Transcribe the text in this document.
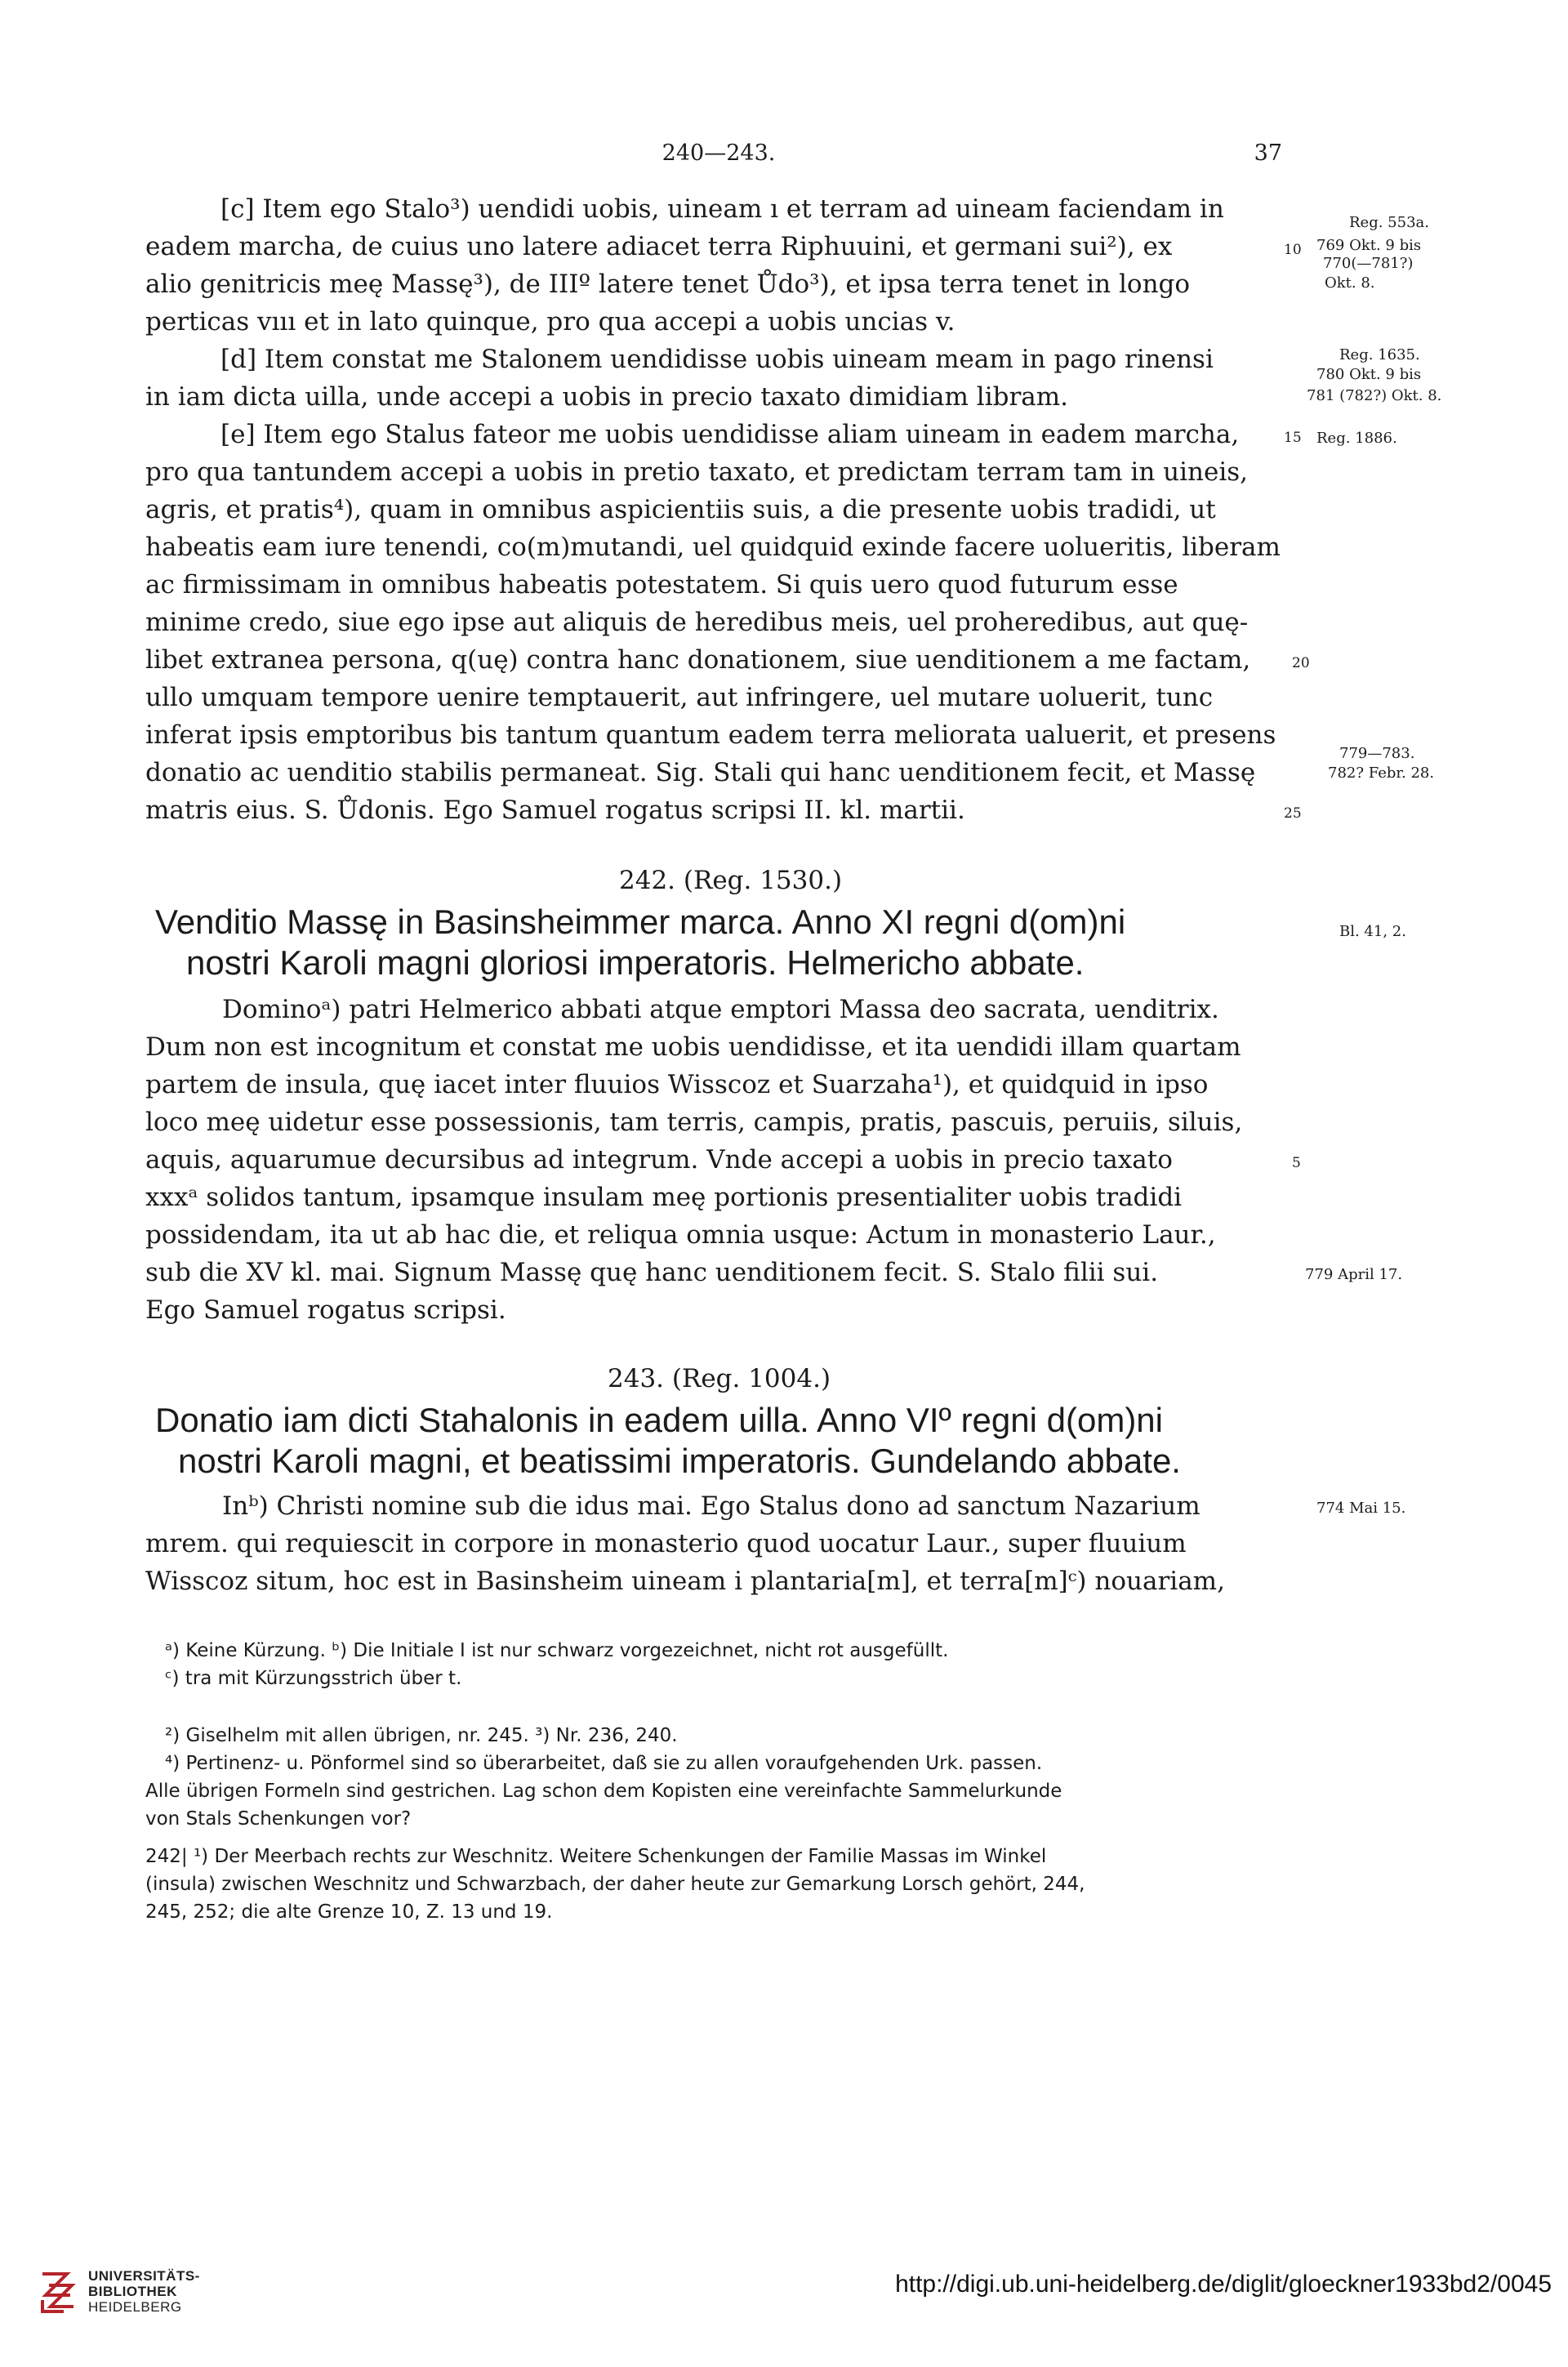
240—243.	37
[c] Item ego Stalo³) uendidi uobis, uineam ı et terram ad uineam faciendam in
eadem marcha, de cuius uno latere adiacet terra Riphuuini, et germani sui²), ex
alio genitricis meę Massę³), de IIIº latere tenet Ůdo³), et ipsa terra tenet in longo
perticas vııı et in lato quinque, pro qua accepi a uobis uncias v.
[d] Item constat me Stalonem uendidisse uobis uineam meam in pago rinensi
in iam dicta uilla, unde accepi a uobis in precio taxato dimidiam libram.
[e] Item ego Stalus fateor me uobis uendidisse aliam uineam in eadem marcha,
pro qua tantundem accepi a uobis in pretio taxato, et predictam terram tam in uineis,
agris, et pratis⁴), quam in omnibus aspicientiis suis, a die presente uobis tradidi, ut
habeatis eam iure tenendi, co(m)mutandi, uel quidquid exinde facere uolueritis, liberam
ac firmissimam in omnibus habeatis potestatem. Si quis uero quod futurum esse
minime credo, siue ego ipse aut aliquis de heredibus meis, uel proheredibus, aut quę-
libet extranea persona, q(uę) contra hanc donationem, siue uenditionem a me factam,
ullo umquam tempore uenire temptauerit, aut infringere, uel mutare uoluerit, tunc
inferat ipsis emptoribus bis tantum quantum eadem terra meliorata ualuerit, et presens
donatio ac uenditio stabilis permaneat. Sig. Stali qui hanc uenditionem fecit, et Massę
matris eius. S. Ůdonis. Ego Samuel rogatus scripsi II. kl. martii.
10
15
20
25
Reg. 553a.
769 Okt. 9 bis
770(—781?)
Okt. 8.
Reg. 1635.
780 Okt. 9 bis
781 (782?) Okt. 8.
Reg. 1886.
779—783.
782? Febr. 28.
242. (Reg. 1530.)
Venditio Massę in Basinsheimmer marca. Anno XI regni d(om)ni
nostri Karoli magni gloriosi imperatoris. Helmericho abbate.
Bl. 41, 2.
Dominoᵃ) patri Helmerico abbati atque emptori Massa deo sacrata, uenditrix.
Dum non est incognitum et constat me uobis uendidisse, et ita uendidi illam quartam
partem de insula, quę iacet inter fluuios Wisscoz et Suarzaha¹), et quidquid in ipso
loco meę uidetur esse possessionis, tam terris, campis, pratis, pascuis, peruiis, siluis,
aquis, aquarumue decursibus ad integrum. Vnde accepi a uobis in precio taxato
xxxᵃ solidos tantum, ipsamque insulam meę portionis presentialiter uobis tradidi
possidendam, ita ut ab hac die, et reliqua omnia usque: Actum in monasterio Laur.,
sub die XV kl. mai. Signum Massę quę hanc uenditionem fecit. S. Stalo filii sui.
Ego Samuel rogatus scripsi.
5
779 April 17.
243. (Reg. 1004.)
Donatio iam dicti Stahalonis in eadem uilla. Anno VIº regni d(om)ni
nostri Karoli magni, et beatissimi imperatoris. Gundelando abbate.
Inᵇ) Christi nomine sub die idus mai. Ego Stalus dono ad sanctum Nazarium
mrem. qui requiescit in corpore in monasterio quod uocatur Laur., super fluuium
Wisscoz situm, hoc est in Basinsheim uineam i plantaria[m], et terra[m]ᶜ) nouariam,
774 Mai 15.
ᵃ) Keine Kürzung. ᵇ) Die Initiale I ist nur schwarz vorgezeichnet, nicht rot ausgefüllt.
ᶜ) tra mit Kürzungsstrich über t.
²) Giselhelm mit allen übrigen, nr. 245. ³) Nr. 236, 240.
⁴) Pertinenz- u. Pönformel sind so überarbeitet, daß sie zu allen voraufgehenden Urk. passen.
Alle übrigen Formeln sind gestrichen. Lag schon dem Kopisten eine vereinfachte Sammelurkunde
von Stals Schenkungen vor?
242| ¹) Der Meerbach rechts zur Weschnitz. Weitere Schenkungen der Familie Massas im Winkel
(insula) zwischen Weschnitz und Schwarzbach, der daher heute zur Gemarkung Lorsch gehört, 244,
245, 252; die alte Grenze 10, Z. 13 und 19.
UNIVERSITÄTS-
BIBLIOTHEK
HEIDELBERG
http://digi.ub.uni-heidelberg.de/diglit/gloeckner1933bd2/0045
